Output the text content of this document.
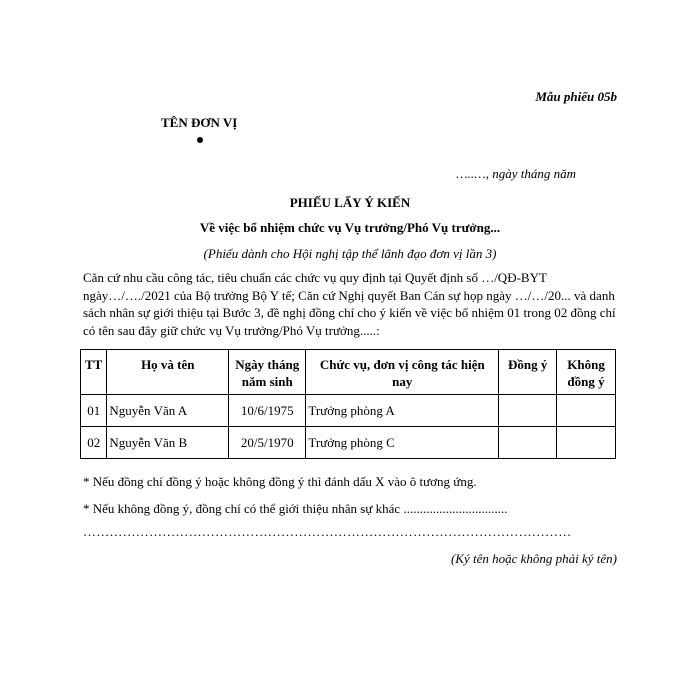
Mẫu phiếu 05b
TÊN ĐƠN VỊ
…..…, ngày tháng năm
PHIẾU LẤY Ý KIẾN
Về việc bổ nhiệm chức vụ Vụ trưởng/Phó Vụ trưởng...
(Phiếu dành cho Hội nghị tập thể lãnh đạo đơn vị lần 3)
Căn cứ nhu cầu công tác, tiêu chuẩn các chức vụ quy định tại Quyết định số …/QĐ-BYT ngày…/…./2021 của Bộ trưởng Bộ Y tế; Căn cứ Nghị quyết Ban Cán sự họp ngày …/…/20... và danh sách nhân sự giới thiệu tại Bước 3, đề nghị đồng chí cho ý kiến về việc bổ nhiệm 01 trong 02 đồng chí có tên sau đây giữ chức vụ Vụ trưởng/Phó Vụ trưởng.....:
TT	Họ và tên	Ngày tháng năm sinh	Chức vụ, đơn vị công tác hiện nay	Đồng ý	Không đồng ý
01	Nguyễn Văn A	10/6/1975	Trưởng phòng A		
02	Nguyễn Văn B	20/5/1970	Trưởng phòng C		
* Nếu đồng chí đồng ý hoặc không đồng ý thì đánh dấu X vào ô tương ứng.
* Nếu không đồng ý, đồng chí có thể giới thiệu nhân sự khác ................................
…………………………………………………………………………………………………
(Ký tên hoặc không phải ký tên)
